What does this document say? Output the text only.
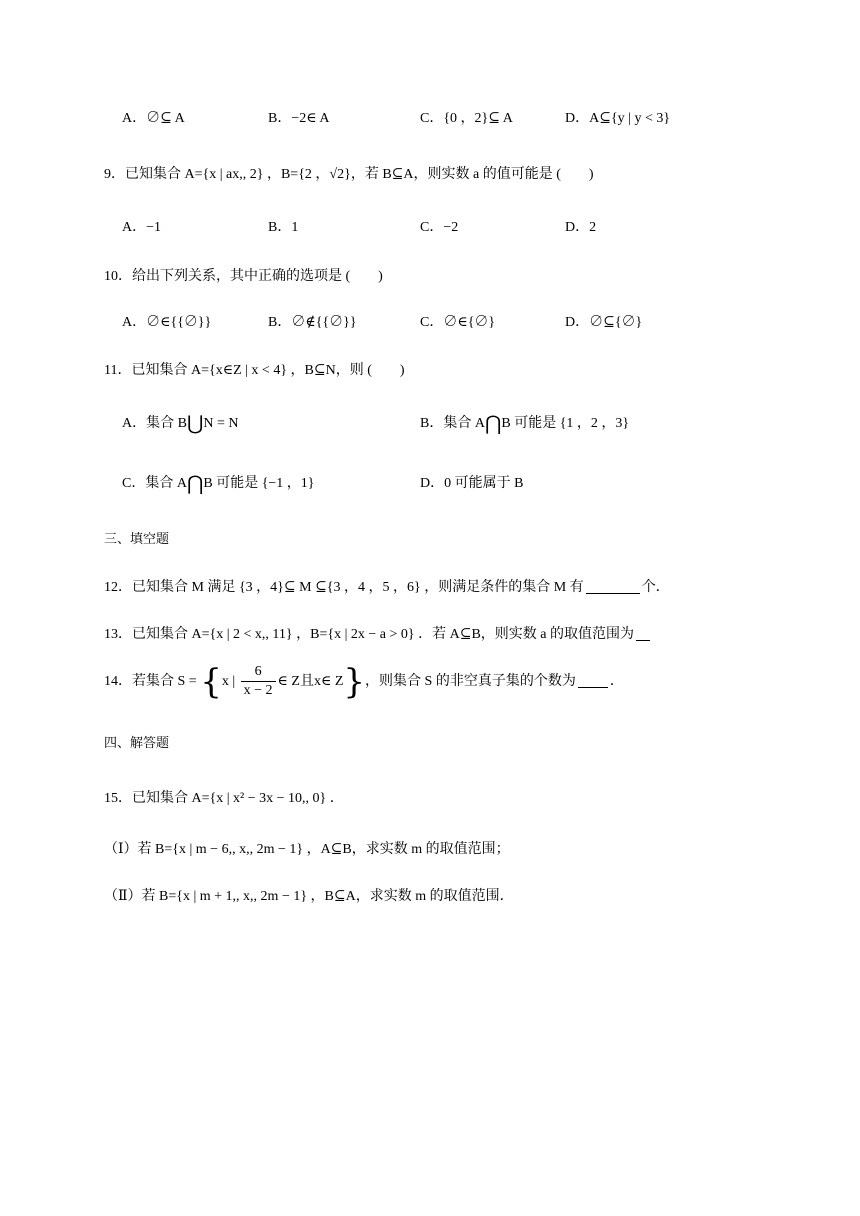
A．∅⊆ A	B．−2∈ A	C．{0 ，2}⊆ A	D．A⊆{y | y < 3}
9．已知集合 A={x | ax,, 2} ，B={2 ，√2}，若 B⊆A，则实数 a 的值可能是 (　　)
A．−1	B．1	C．−2	D．2
10．给出下列关系，其中正确的选项是 (　　)
A．∅∈{{∅}}	B．∅∉{{∅}}	C．∅∈{∅}	D．∅⊆{∅}
11．已知集合 A={x∈Z | x < 4} ，B⊆N，则 (　　)
A．集合 B⋃N = N	B．集合 A⋂B 可能是 {1 ，2 ，3}
C．集合 A⋂B 可能是 {−1 ，1}	D．0 可能属于 B
三、填空题
12．已知集合 M 满足 {3 ，4}⊆ M ⊆{3 ，4 ，5 ，6} ，则满足条件的集合 M 有	个．
13．已知集合 A={x | 2 < x,, 11} ，B={x | 2x − a > 0} ．若 A⊆B，则实数 a 的取值范围为
14．若集合 S = {x | $\frac{6}{x - 2}$ ∈ Z且x∈ Z}，则集合 S 的非空真子集的个数为 ．
四、解答题
15．已知集合 A={x | x² − 3x − 10,, 0} ．
（Ⅰ）若 B={x | m − 6,, x,, 2m − 1} ，A⊆B，求实数 m 的取值范围；
（Ⅱ）若 B={x | m + 1,, x,, 2m − 1} ，B⊆A，求实数 m 的取值范围．
